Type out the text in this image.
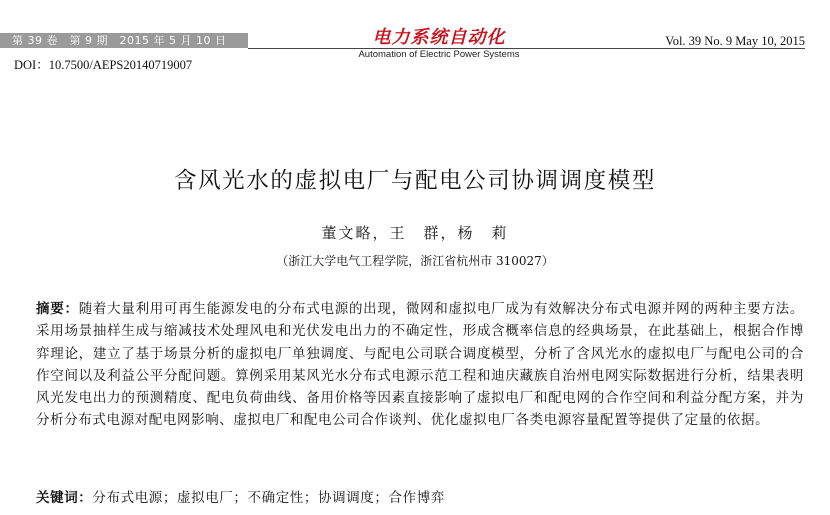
第 39 卷　第 9 期　2015 年 5 月 10 日
DOI：10.7500/AEPS20140719007
电力系统自动化
Automation of Electric Power Systems
Vol. 39 No. 9 May 10, 2015
含风光水的虚拟电厂与配电公司协调调度模型
董文略，王　群，杨　莉
（浙江大学电气工程学院，浙江省杭州市 310027）
摘要：随着大量利用可再生能源发电的分布式电源的出现，微网和虚拟电厂成为有效解决分布式电源并网的两种主要方法。采用场景抽样生成与缩减技术处理风电和光伏发电出力的不确定性，形成含概率信息的经典场景，在此基础上，根据合作博弈理论，建立了基于场景分析的虚拟电厂单独调度、与配电公司联合调度模型，分析了含风光水的虚拟电厂与配电公司的合作空间以及利益公平分配问题。算例采用某风光水分布式电源示范工程和迪庆藏族自治州电网实际数据进行分析，结果表明风光发电出力的预测精度、配电负荷曲线、备用价格等因素直接影响了虚拟电厂和配电网的合作空间和利益分配方案，并为分析分布式电源对配电网影响、虚拟电厂和配电公司合作谈判、优化虚拟电厂各类电源容量配置等提供了定量的依据。
关键词：分布式电源；虚拟电厂；不确定性；协调调度；合作博弈
